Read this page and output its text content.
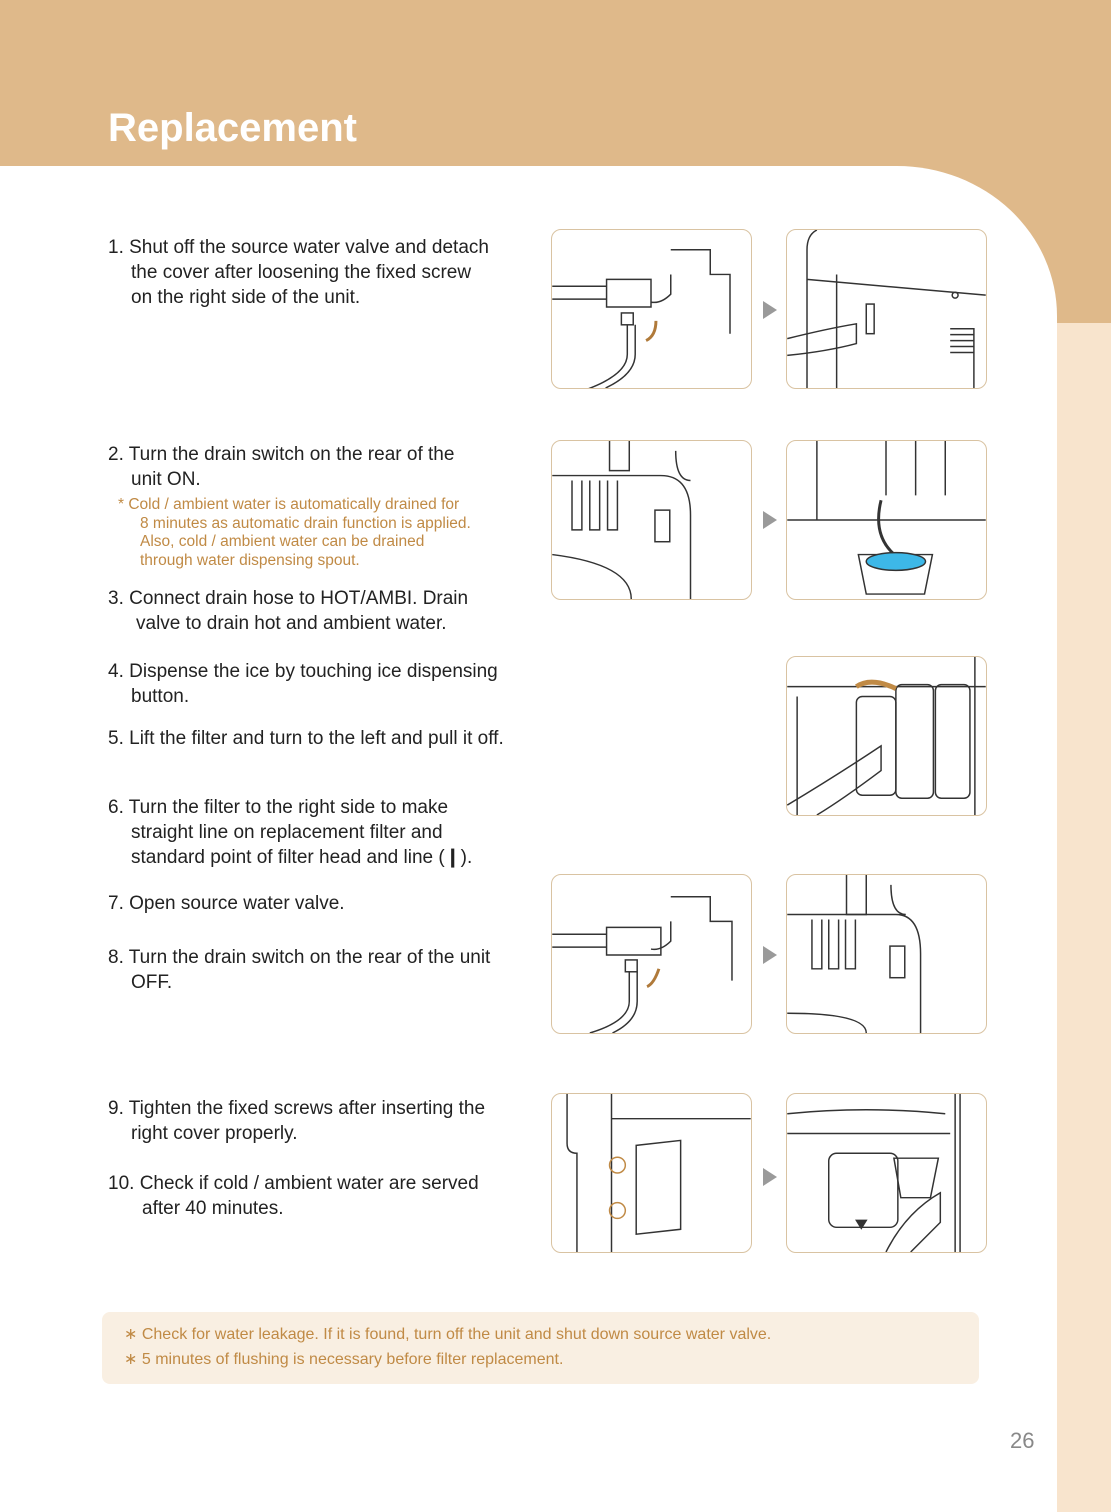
Replacement
1. Shut off the source water valve and detach
the cover after loosening the fixed screw
on the right side of the unit.
2. Turn the drain switch on the rear of the
unit ON.
* Cold / ambient water is automatically drained for
8 minutes as automatic drain function is applied.
Also, cold / ambient water can be drained
through water dispensing spout.
3. Connect drain hose to HOT/AMBI. Drain
valve to drain hot and ambient water.
4. Dispense the ice by touching ice dispensing
button.
5. Lift the filter and turn to the left and pull it off.
6. Turn the filter to the right side to make
straight line on replacement filter and
standard point of filter head and line (❙).
7. Open source water valve.
8. Turn the drain switch on the rear of the unit
OFF.
9. Tighten the fixed screws after inserting the
right cover properly.
10. Check if cold / ambient water are served
after 40 minutes.
∗ Check for water leakage. If it is found, turn off the unit and shut down source water valve.
∗ 5 minutes of flushing is necessary before filter replacement.
26
